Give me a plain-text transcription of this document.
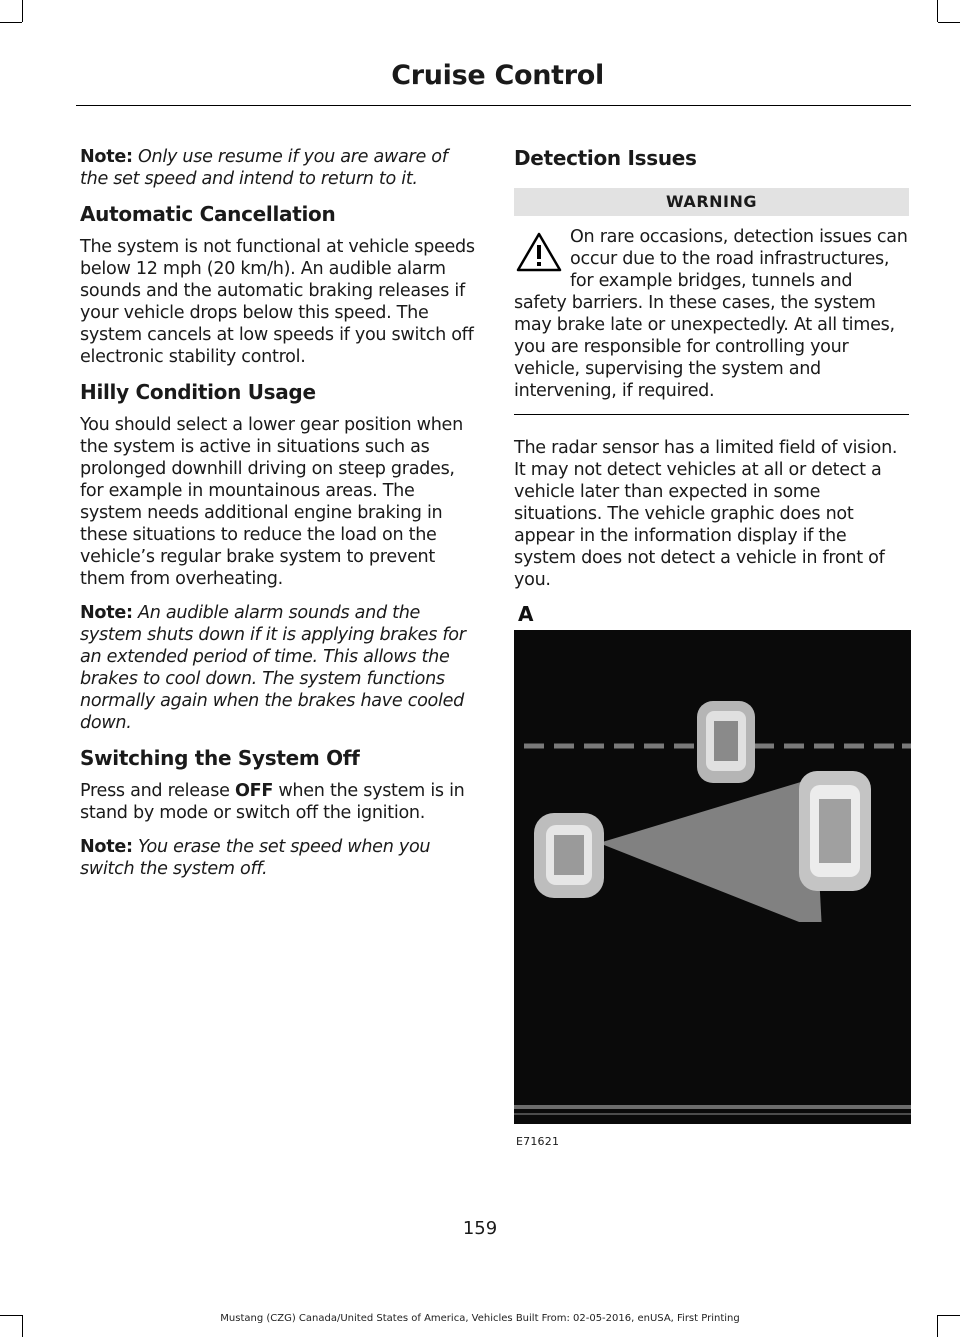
Cruise Control

Note: Only use resume if you are aware of the set speed and intend to return to it.

Automatic Cancellation

The system is not functional at vehicle speeds below 12 mph (20 km/h). An audible alarm sounds and the automatic braking releases if your vehicle drops below this speed. The system cancels at low speeds if you switch off electronic stability control.

Hilly Condition Usage

You should select a lower gear position when the system is active in situations such as prolonged downhill driving on steep grades, for example in mountainous areas. The system needs additional engine braking in these situations to reduce the load on the vehicle’s regular brake system to prevent them from overheating.

Note: An audible alarm sounds and the system shuts down if it is applying brakes for an extended period of time. This allows the brakes to cool down. The system functions normally again when the brakes have cooled down.

Switching the System Off

Press and release OFF when the system is in stand by mode or switch off the ignition.

Note: You erase the set speed when you switch the system off.

Detection Issues
WARNING
On rare occasions, detection issues can occur due to the road infrastructures, for example bridges, tunnels and safety barriers. In these cases, the system may brake late or unexpectedly. At all times, you are responsible for controlling your vehicle, supervising the system and intervening, if required.

The radar sensor has a limited field of vision. It may not detect vehicles at all or detect a vehicle later than expected in some situations. The vehicle graphic does not appear in the information display if the system does not detect a vehicle in front of you.

A
E71621
159
Mustang (CZG) Canada/United States of America, Vehicles Built From: 02-05-2016, enUSA, First Printing
